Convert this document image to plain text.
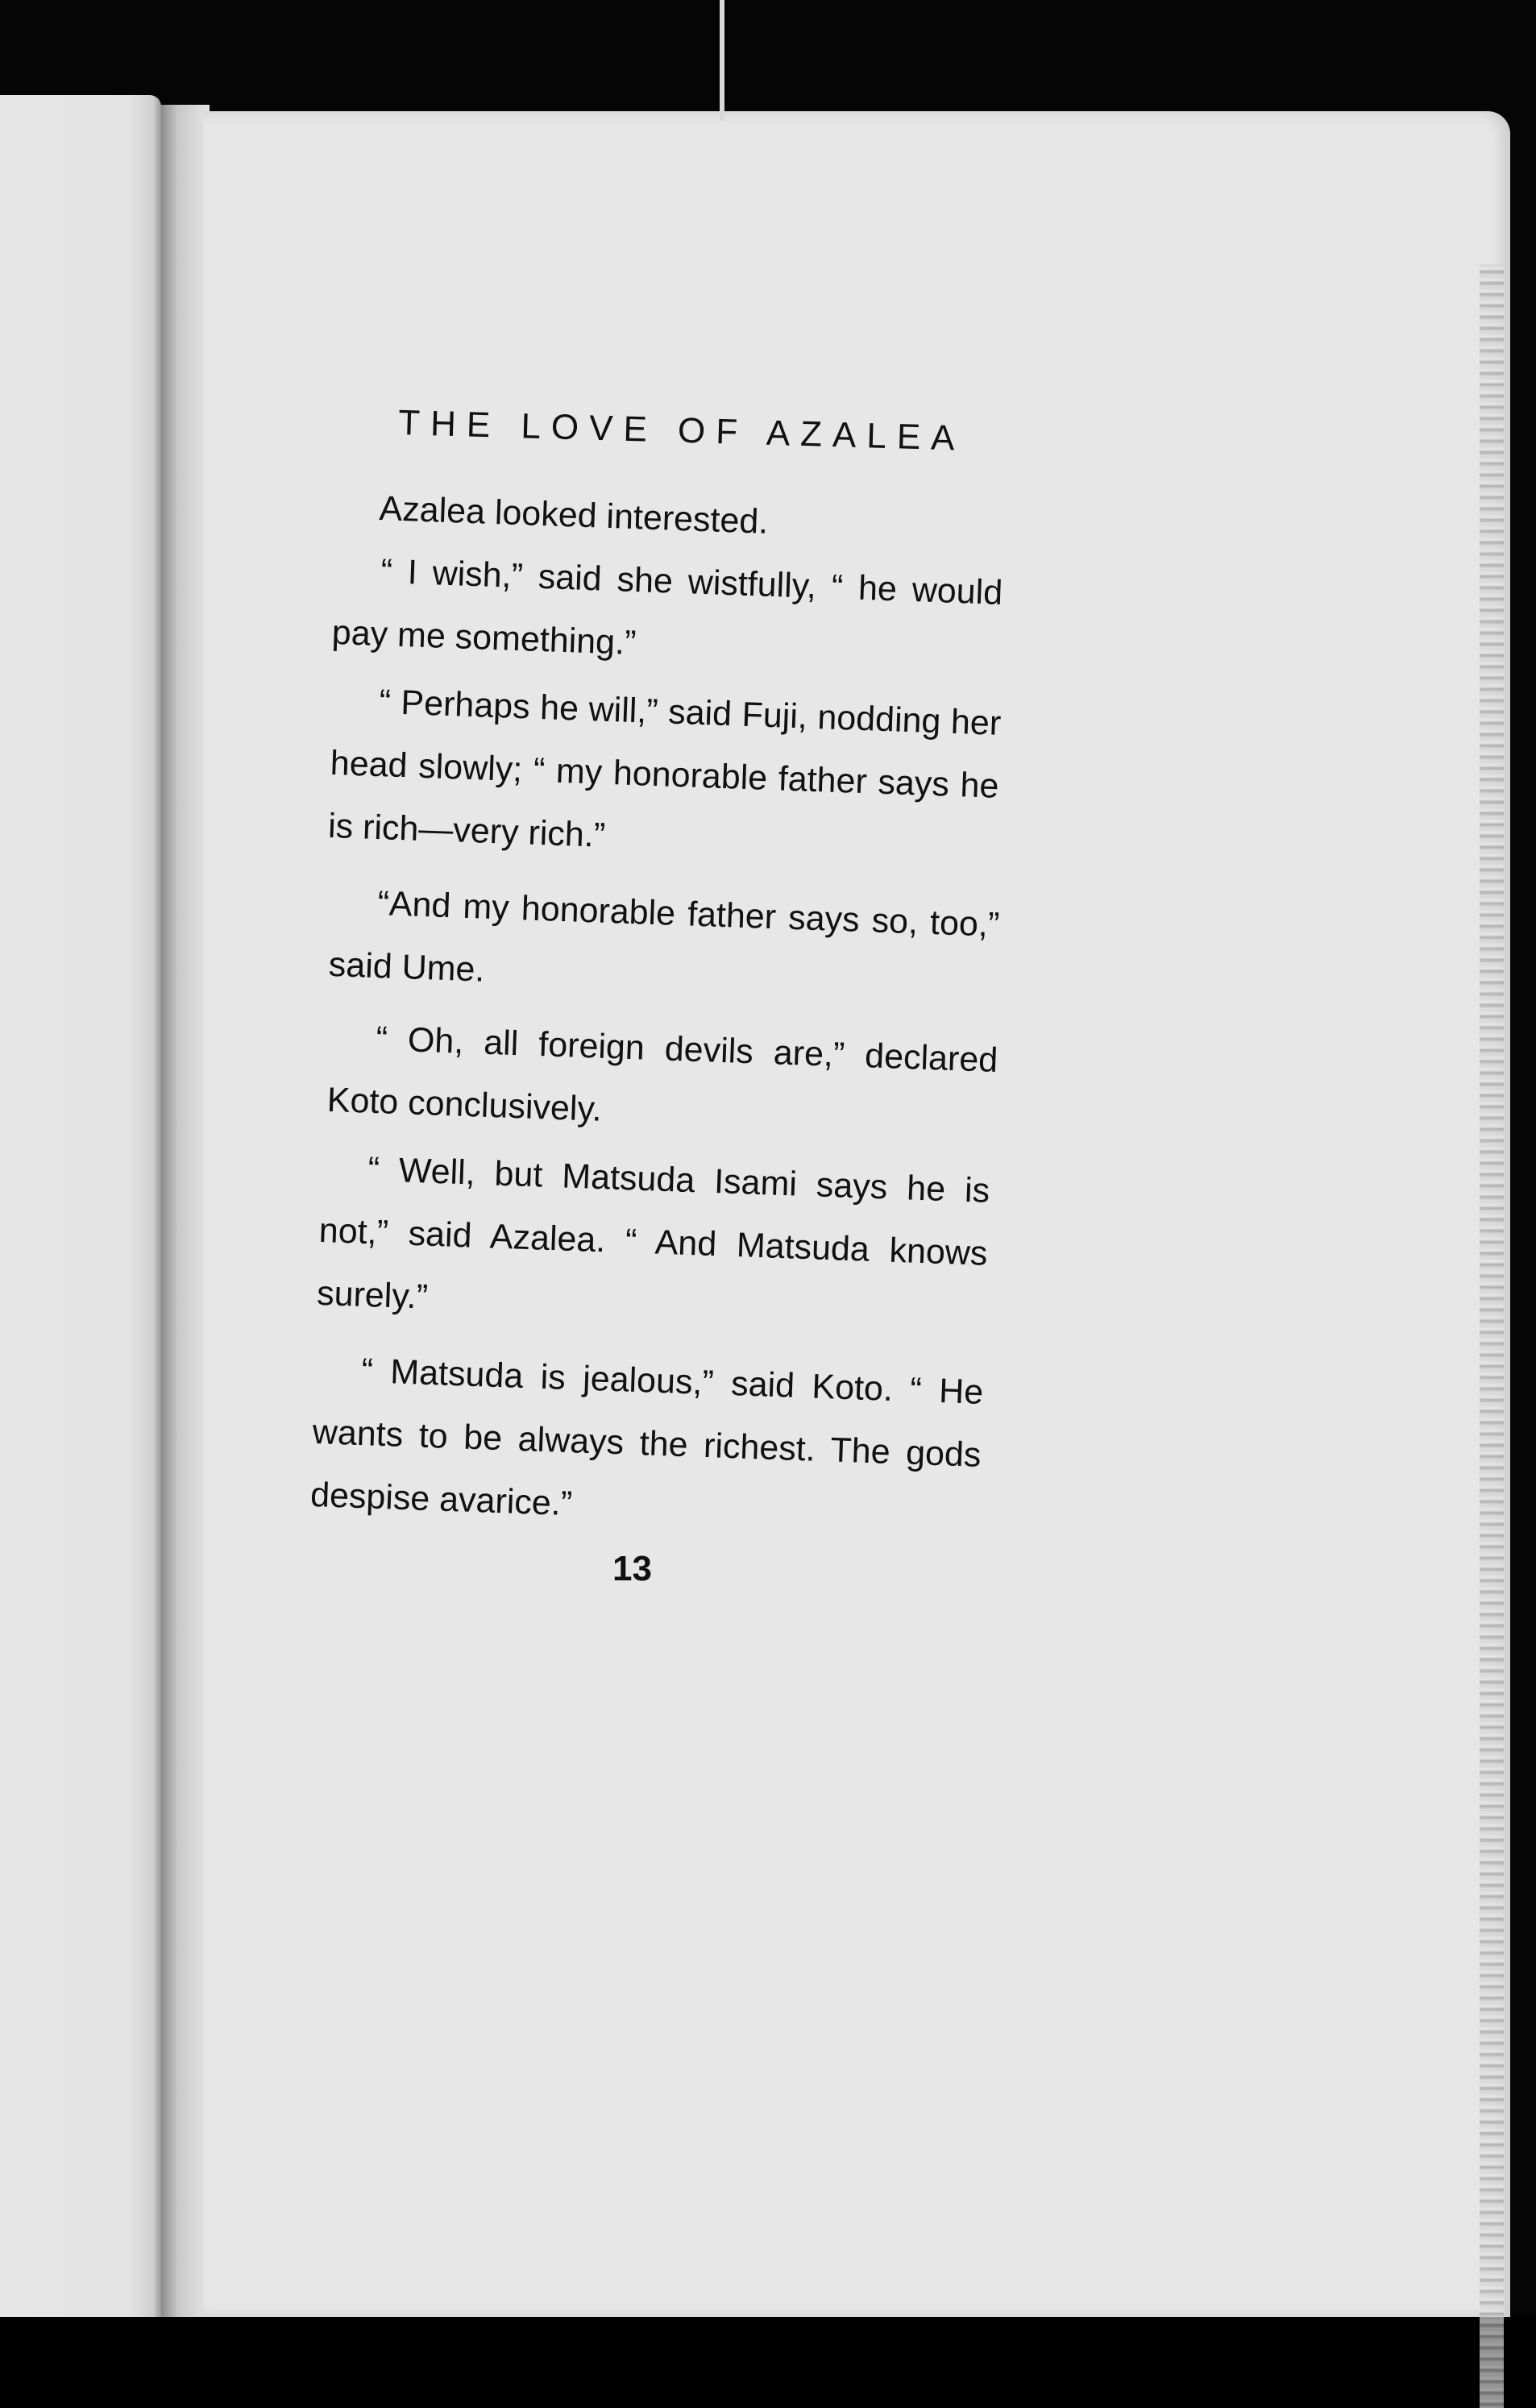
THE LOVE OF AZALEA

Azalea looked interested.

“ I wish,” said she wistfully, “ he would pay me something.”

“ Perhaps he will,” said Fuji, nodding her head slowly; “ my honorable father says he is rich—very rich.”

“And my honorable father says so, too,” said Ume.

“ Oh, all foreign devils are,” declared Koto conclusively.

“ Well, but Matsuda Isami says he is not,” said Azalea. “ And Matsuda knows surely.”

“ Matsuda is jealous,” said Koto. “ He wants to be always the richest. The gods despise avarice.”

13
